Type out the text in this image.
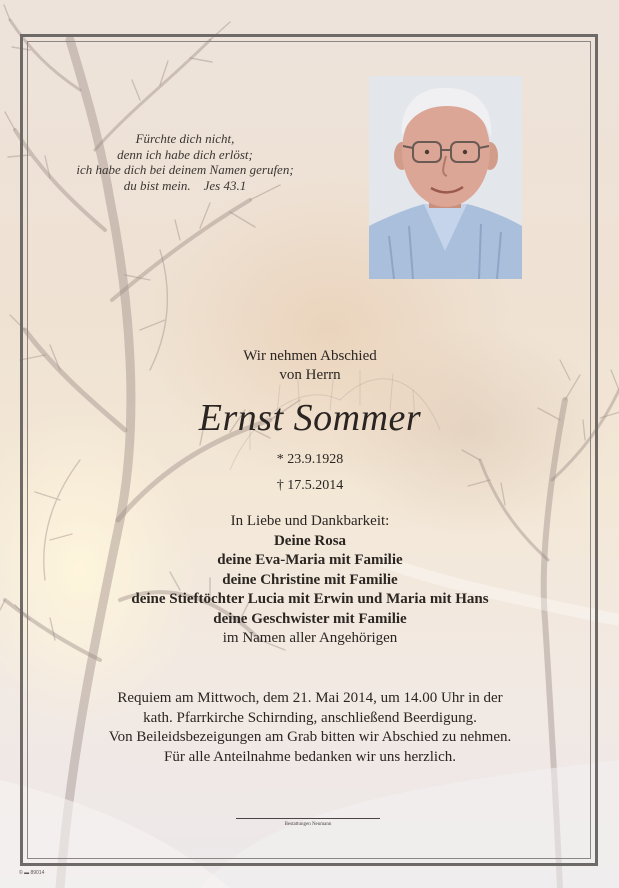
Fürchte dich nicht,
denn ich habe dich erlöst;
ich habe dich bei deinem Namen gerufen;
du bist mein.    Jes 43.1
Wir nehmen Abschied
von Herrn
Ernst Sommer
* 23.9.1928
† 17.5.2014
In Liebe und Dankbarkeit:
Deine Rosa
deine Eva-Maria mit Familie
deine Christine mit Familie
deine Stieftöchter Lucia mit Erwin und Maria mit Hans
deine Geschwister mit Familie
im Namen aller Angehörigen
Requiem am Mittwoch, dem 21. Mai 2014, um 14.00 Uhr in der
kath. Pfarrkirche Schirnding, anschließend Beerdigung.
Von Beileidsbezeigungen am Grab bitten wir Abschied zu nehmen.
Für alle Anteilnahme bedanken wir uns herzlich.
Bestattungen Neumann
© ▬ 89014
